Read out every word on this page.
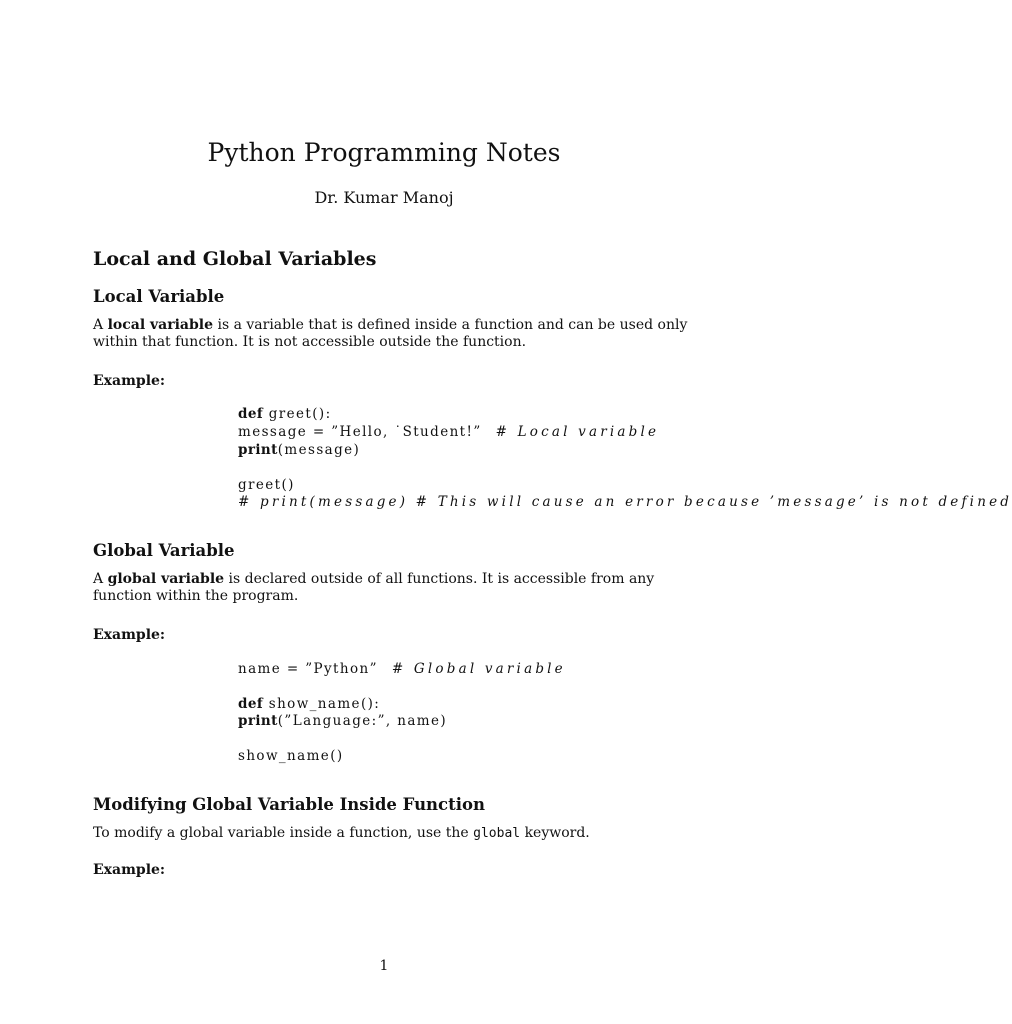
Python Programming Notes
Dr. Kumar Manoj
Local and Global Variables
Local Variable
A local variable is a variable that is defined inside a function and can be used only within that function. It is not accessible outside the function.
Example:
def greet():
message = ”Hello, ˙Student!” # Local variable
print(message)
greet()
# print(message) # This will cause an error because ’message’ is not defined
Global Variable
A global variable is declared outside of all functions. It is accessible from any function within the program.
Example:
name = ”Python” # Global variable
def show_name():
print(”Language:”, name)
show_name()
Modifying Global Variable Inside Function
To modify a global variable inside a function, use the global keyword.
Example:
1
